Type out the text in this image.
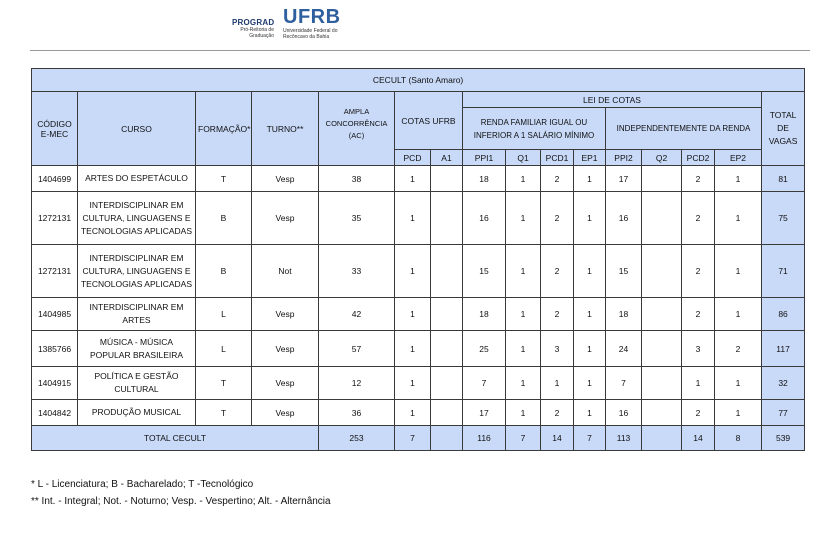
PROGRAD
Pró-Reitoria de
Graduação
UFRB
Universidade Federal do
Recôncavo da Bahia
CECULT (Santo Amaro)															
CÓDIGO E-MEC	CURSO	FORMAÇÃO*	TURNO**	AMPLA CONCORRÊNCIA (AC)	COTAS UFRB		LEI DE COTAS								TOTAL DE VAGAS
							RENDA FAMILIAR IGUAL OU INFERIOR A 1 SALÁRIO MÍNIMO				INDEPENDENTEMENTE DA RENDA				
					PCD	A1	PPI1	Q1	PCD1	EP1	PPI2	Q2	PCD2	EP2	
1404699	ARTES DO ESPETÁCULO	T	Vesp	38	1		18	1	2	1	17		2	1	81
1272131	INTERDISCIPLINAR EM CULTURA, LINGUAGENS E TECNOLOGIAS APLICADAS	B	Vesp	35	1		16	1	2	1	16		2	1	75
1272131	INTERDISCIPLINAR EM CULTURA, LINGUAGENS E TECNOLOGIAS APLICADAS	B	Not	33	1		15	1	2	1	15		2	1	71
1404985	INTERDISCIPLINAR EM ARTES	L	Vesp	42	1		18	1	2	1	18		2	1	86
1385766	MÚSICA - MÚSICA POPULAR BRASILEIRA	L	Vesp	57	1		25	1	3	1	24		3	2	117
1404915	POLÍTICA E GESTÃO CULTURAL	T	Vesp	12	1		7	1	1	1	7		1	1	32
1404842	PRODUÇÃO MUSICAL	T	Vesp	36	1		17	1	2	1	16		2	1	77
TOTAL CECULT				253	7		116	7	14	7	113		14	8	539
* L - Licenciatura; B - Bacharelado; T -Tecnológico
** Int. - Integral; Not. - Noturno; Vesp. - Vespertino; Alt. - Alternância
